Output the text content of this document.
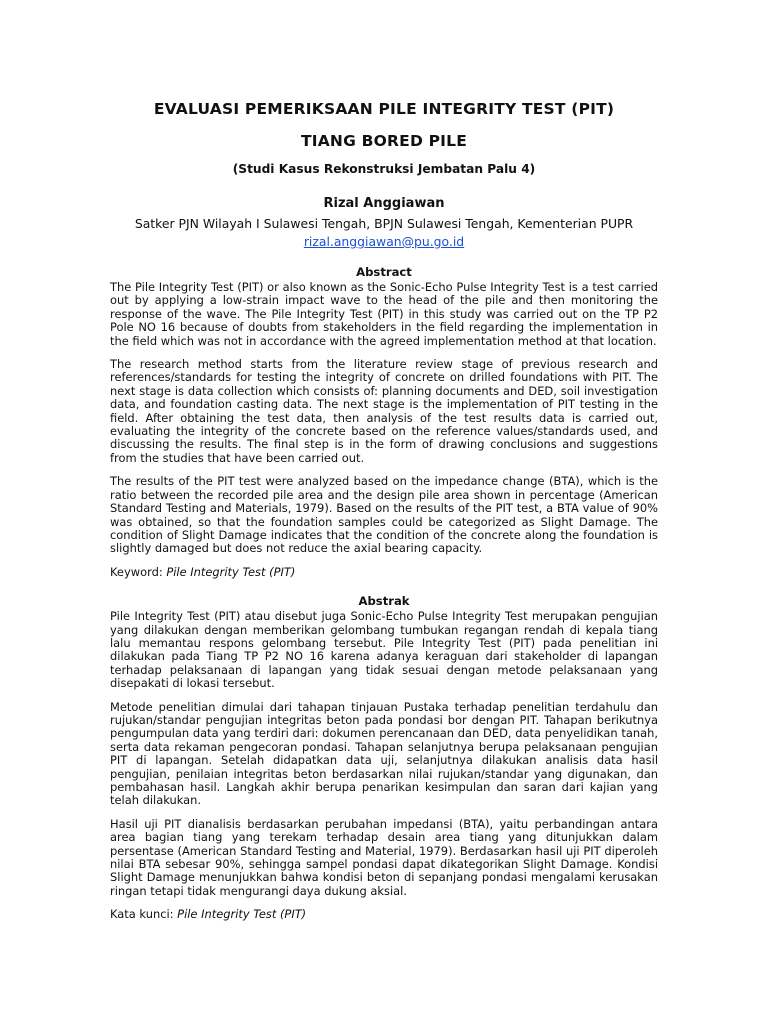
EVALUASI PEMERIKSAAN PILE INTEGRITY TEST (PIT)
TIANG BORED PILE
(Studi Kasus Rekonstruksi Jembatan Palu 4)
Rizal Anggiawan
Satker PJN Wilayah I Sulawesi Tengah, BPJN Sulawesi Tengah, Kementerian PUPR
rizal.anggiawan@pu.go.id
Abstract

The Pile Integrity Test (PIT) or also known as the Sonic-Echo Pulse Integrity Test is a test carried out by applying a low-strain impact wave to the head of the pile and then monitoring the response of the wave. The Pile Integrity Test (PIT) in this study was carried out on the TP P2 Pole NO 16 because of doubts from stakeholders in the field regarding the implementation in the field which was not in accordance with the agreed implementation method at that location.

The research method starts from the literature review stage of previous research and references/standards for testing the integrity of concrete on drilled foundations with PIT. The next stage is data collection which consists of: planning documents and DED, soil investigation data, and foundation casting data. The next stage is the implementation of PIT testing in the field. After obtaining the test data, then analysis of the test results data is carried out, evaluating the integrity of the concrete based on the reference values/standards used, and discussing the results. The final step is in the form of drawing conclusions and suggestions from the studies that have been carried out.

The results of the PIT test were analyzed based on the impedance change (BTA), which is the ratio between the recorded pile area and the design pile area shown in percentage (American Standard Testing and Materials, 1979). Based on the results of the PIT test, a BTA value of 90% was obtained, so that the foundation samples could be categorized as Slight Damage. The condition of Slight Damage indicates that the condition of the concrete along the foundation is slightly damaged but does not reduce the axial bearing capacity.

Keyword: Pile Integrity Test (PIT)

Abstrak

Pile Integrity Test (PIT) atau disebut juga Sonic-Echo Pulse Integrity Test merupakan pengujian yang dilakukan dengan memberikan gelombang tumbukan regangan rendah di kepala tiang lalu memantau respons gelombang tersebut. Pile Integrity Test (PIT) pada penelitian ini dilakukan pada Tiang TP P2 NO 16 karena adanya keraguan dari stakeholder di lapangan terhadap pelaksanaan di lapangan yang tidak sesuai dengan metode pelaksanaan yang disepakati di lokasi tersebut.

Metode penelitian dimulai dari tahapan tinjauan Pustaka terhadap penelitian terdahulu dan rujukan/standar pengujian integritas beton pada pondasi bor dengan PIT. Tahapan berikutnya pengumpulan data yang terdiri dari: dokumen perencanaan dan DED, data penyelidikan tanah, serta data rekaman pengecoran pondasi. Tahapan selanjutnya berupa pelaksanaan pengujian PIT di lapangan. Setelah didapatkan data uji, selanjutnya dilakukan analisis data hasil pengujian, penilaian integritas beton berdasarkan nilai rujukan/standar yang digunakan, dan pembahasan hasil. Langkah akhir berupa penarikan kesimpulan dan saran dari kajian yang telah dilakukan.

Hasil uji PIT dianalisis berdasarkan perubahan impedansi (BTA), yaitu perbandingan antara area bagian tiang yang terekam terhadap desain area tiang yang ditunjukkan dalam persentase (American Standard Testing and Material, 1979). Berdasarkan hasil uji PIT diperoleh nilai BTA sebesar 90%, sehingga sampel pondasi dapat dikategorikan Slight Damage. Kondisi Slight Damage menunjukkan bahwa kondisi beton di sepanjang pondasi mengalami kerusakan ringan tetapi tidak mengurangi daya dukung aksial.

Kata kunci: Pile Integrity Test (PIT)
